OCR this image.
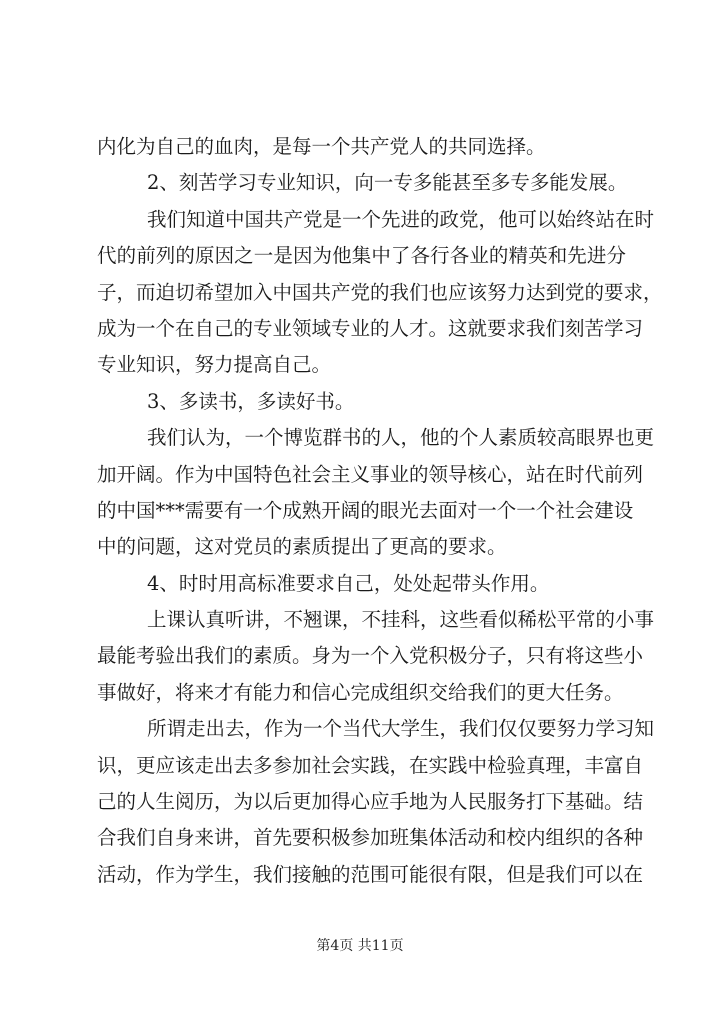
内化为自己的血肉，是每一个共产党人的共同选择。
2、刻苦学习专业知识，向一专多能甚至多专多能发展。
我们知道中国共产党是一个先进的政党，他可以始终站在时
代的前列的原因之一是因为他集中了各行各业的精英和先进分
子，而迫切希望加入中国共产党的我们也应该努力达到党的要求，
成为一个在自己的专业领域专业的人才。这就要求我们刻苦学习
专业知识，努力提高自己。
3、多读书，多读好书。
我们认为，一个博览群书的人，他的个人素质较高眼界也更
加开阔。作为中国特色社会主义事业的领导核心，站在时代前列
的中国***需要有一个成熟开阔的眼光去面对一个一个社会建设
中的问题，这对党员的素质提出了更高的要求。
4、时时用高标准要求自己，处处起带头作用。
上课认真听讲，不翘课，不挂科，这些看似稀松平常的小事
最能考验出我们的素质。身为一个入党积极分子，只有将这些小
事做好，将来才有能力和信心完成组织交给我们的更大任务。
所谓走出去，作为一个当代大学生，我们仅仅要努力学习知
识，更应该走出去多参加社会实践，在实践中检验真理，丰富自
己的人生阅历，为以后更加得心应手地为人民服务打下基础。结
合我们自身来讲，首先要积极参加班集体活动和校内组织的各种
活动，作为学生，我们接触的范围可能很有限，但是我们可以在
第4页 共11页
